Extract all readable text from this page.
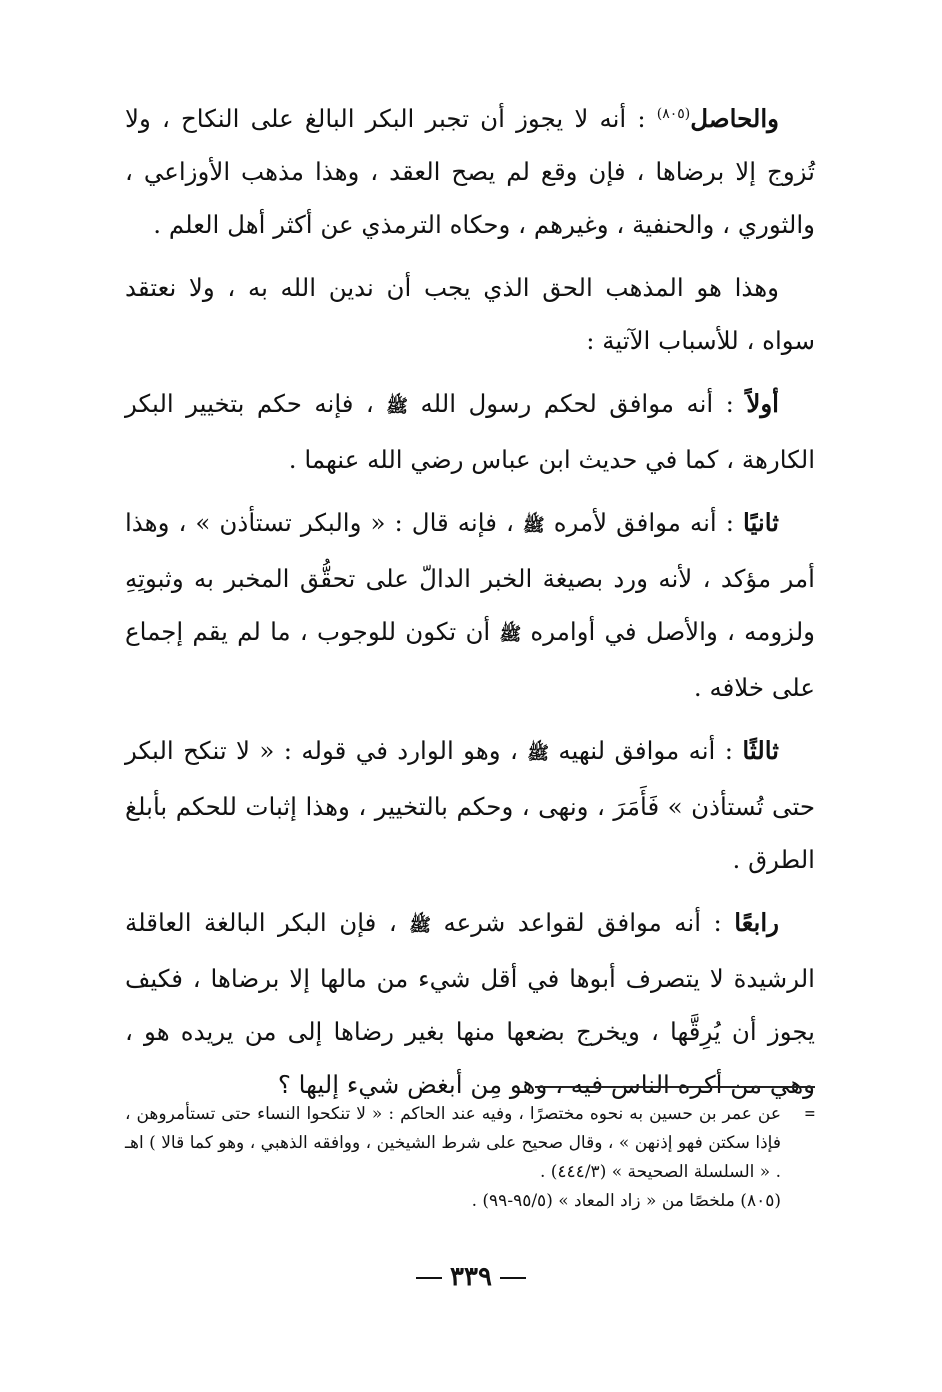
والحاصل$^{(٨٠٥)}$ : أنه لا يجوز أن تجبر البكر البالغ على النكاح ، ولا تُزوج إلا برضاها ، فإن وقع لم يصح العقد ، وهذا مذهب الأوزاعي ، والثوري ، والحنفية ، وغيرهم ، وحكاه الترمذي عن أكثر أهل العلم .

وهذا هو المذهب الحق الذي يجب أن ندين الله به ، ولا نعتقد سواه ، للأسباب الآتية :

أولاً : أنه موافق لحكم رسول الله ﷺ ، فإنه حكم بتخيير البكر الكارهة ، كما في حديث ابن عباس رضي الله عنهما .

ثانيًا : أنه موافق لأمره ﷺ ، فإنه قال : « والبكر تستأذن » ، وهذا أمر مؤكد ، لأنه ورد بصيغة الخبر الدالّ على تحقُّق المخبر به وثبوتِهِ ولزومه ، والأصل في أوامره ﷺ أن تكون للوجوب ، ما لم يقم إجماع على خلافه .

ثالثًا : أنه موافق لنهيه ﷺ ، وهو الوارد في قوله : « لا تنكح البكر حتى تُستأذن » فَأَمَرَ ، ونهى ، وحكم بالتخيير ، وهذا إثبات للحكم بأبلغ الطرق .

رابعًا : أنه موافق لقواعد شرعه ﷺ ، فإن البكر البالغة العاقلة الرشيدة لا يتصرف أبوها في أقل شيء من مالها إلا برضاها ، فكيف يجوز أن يُرِقَّها ، ويخرج بضعها منها بغير رضاها إلى من يريده هو ، وهي من أكره الناس فيه ، وهو مِن أبغض شيء إليها ؟

=
عن عمر بن حسين به نحوه مختصرًا ، وفيه عند الحاكم : « لا تنكحوا النساء حتى تستأمروهن ، فإذا سكتن فهو إذنهن » ، وقال صحيح على شرط الشيخين ، ووافقه الذهبي ، وهو كما قالا ) اهـ . « السلسلة الصحيحة » (٤٤٤/٣) .
(٨٠٥) ملخصًا من « زاد المعاد » (٩٥/٥-٩٩) .
٣٣٩
